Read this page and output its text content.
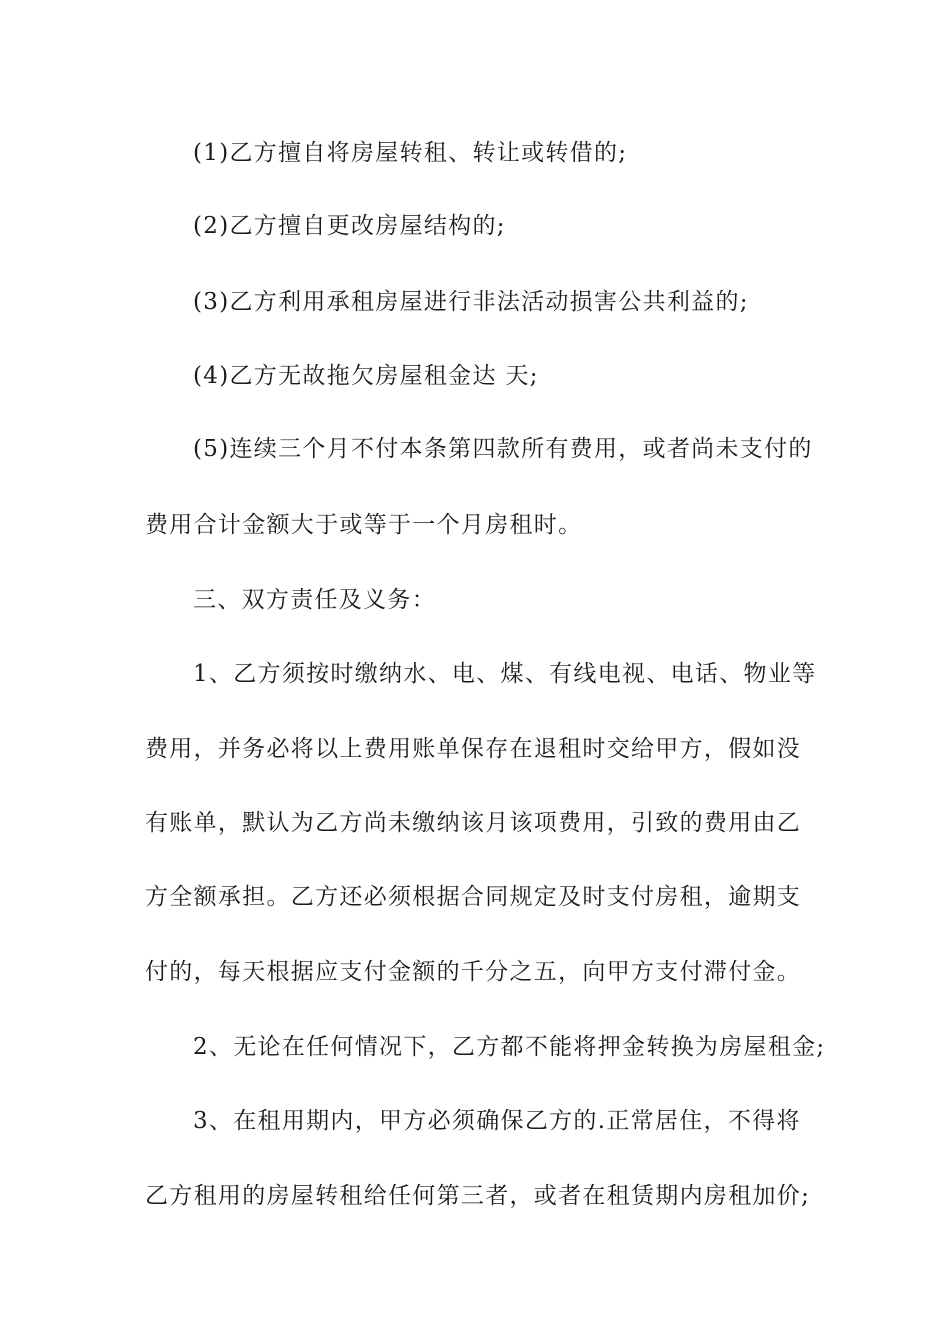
(1)乙方擅自将房屋转租、转让或转借的;
(2)乙方擅自更改房屋结构的;
(3)乙方利用承租房屋进行非法活动损害公共利益的;
(4)乙方无故拖欠房屋租金达 天;
(5)连续三个月不付本条第四款所有费用，或者尚未支付的
费用合计金额大于或等于一个月房租时。
三、双方责任及义务：
1、乙方须按时缴纳水、电、煤、有线电视、电话、物业等
费用，并务必将以上费用账单保存在退租时交给甲方，假如没
有账单，默认为乙方尚未缴纳该月该项费用，引致的费用由乙
方全额承担。乙方还必须根据合同规定及时支付房租，逾期支
付的，每天根据应支付金额的千分之五，向甲方支付滞付金。
2、无论在任何情况下，乙方都不能将押金转换为房屋租金;
3、在租用期内，甲方必须确保乙方的.正常居住，不得将
乙方租用的房屋转租给任何第三者，或者在租赁期内房租加价;
